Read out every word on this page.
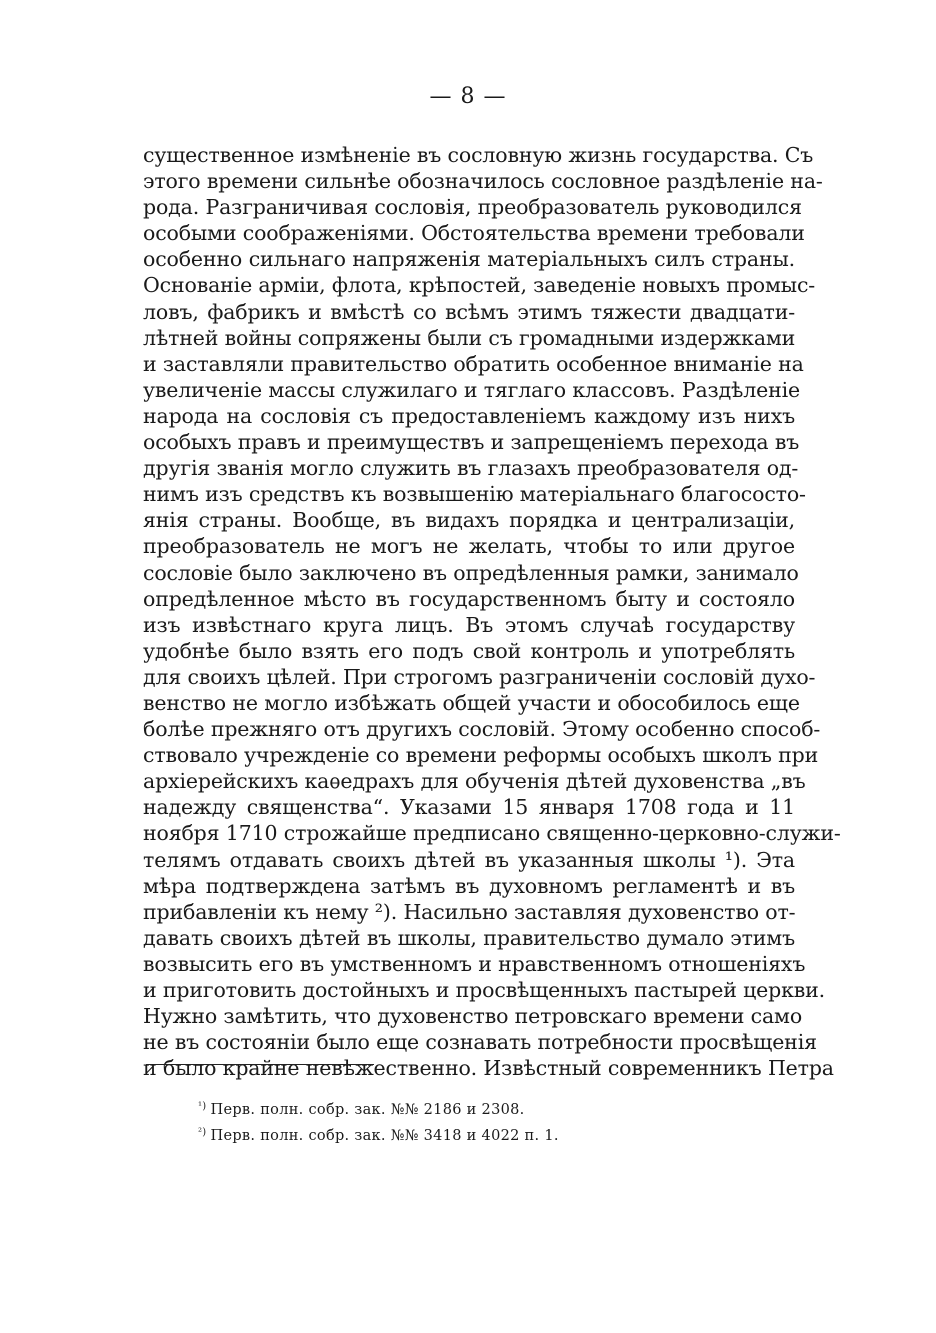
— 8 —
существенное измѣненіе въ сословную жизнь государства. Съ
этого времени сильнѣе обозначилось сословное раздѣленіе на-
рода. Разграничивая сословія, преобразователь руководился
особыми соображеніями. Обстоятельства времени требовали
особенно сильнаго напряженія матеріальныхъ силъ страны.
Основаніе арміи, флота, крѣпостей, заведеніе новыхъ промыс-
ловъ, фабрикъ и вмѣстѣ со всѣмъ этимъ тяжести двадцати-
лѣтней войны сопряжены были съ громадными издержками
и заставляли правительство обратить особенное вниманіе на
увеличеніе массы служилаго и тяглаго классовъ. Раздѣленіе
народа на сословія съ предоставленіемъ каждому изъ нихъ
особыхъ правъ и преимуществъ и запрещеніемъ перехода въ
другія званія могло служить въ глазахъ преобразователя од-
нимъ изъ средствъ къ возвышенію матеріальнаго благососто-
янія страны. Вообще, въ видахъ порядка и централизаціи,
преобразователь не могъ не желать, чтобы то или другое
сословіе было заключено въ опредѣленныя рамки, занимало
опредѣленное мѣсто въ государственномъ быту и состояло
изъ извѣстнаго круга лицъ. Въ этомъ случаѣ государству
удобнѣе было взять его подъ свой контроль и употреблять
для своихъ цѣлей. При строгомъ разграниченіи сословій духо-
венство не могло избѣжать общей участи и обособилось еще
болѣе прежняго отъ другихъ сословій. Этому особенно способ-
ствовало учрежденіе со времени реформы особыхъ школъ при
архіерейскихъ каѳедрахъ для обученія дѣтей духовенства „въ
надежду священства“. Указами 15 января 1708 года и 11
ноября 1710 строжайше предписано священно-церковно-служи-
телямъ отдавать своихъ дѣтей въ указанныя школы ¹). Эта
мѣра подтверждена затѣмъ въ духовномъ регламентѣ и въ
прибавленіи къ нему ²). Насильно заставляя духовенство от-
давать своихъ дѣтей въ школы, правительство думало этимъ
возвысить его въ умственномъ и нравственномъ отношеніяхъ
и приготовить достойныхъ и просвѣщенныхъ пастырей церкви.
Нужно замѣтить, что духовенство петровскаго времени само
не въ состояніи было еще сознавать потребности просвѣщенія
и было крайне невѣжественно. Извѣстный современникъ Петра
$^{^1)}$ Перв. полн. собр. зак. №№ 2186 и 2308.
$^{^2)}$ Перв. полн. собр. зак. №№ 3418 и 4022 п. 1.
